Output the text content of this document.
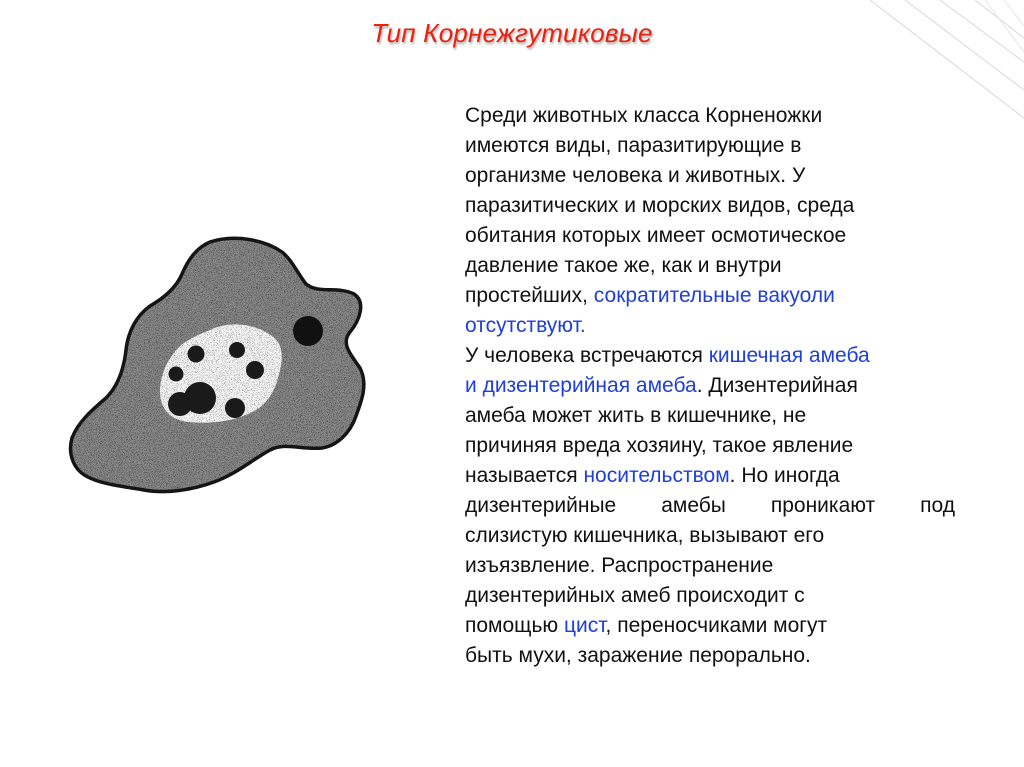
Тип Корнежгутиковые
Среди животных класса Корненожки
имеются виды, паразитирующие в
организме человека и животных. У
паразитических и морских видов, среда
обитания которых имеет осмотическое
давление такое же, как и внутри
простейших, сократительные вакуоли
отсутствуют.
У человека встречаются кишечная амеба
и дизентерийная амеба. Дизентерийная
амеба может жить в кишечнике, не
причиняя вреда хозяину, такое явление
называется носительством. Но иногда
дизентерийные амебы проникают под
слизистую кишечника, вызывают его
изъязвление. Распространение
дизентерийных амеб происходит с
помощью цист, переносчиками могут
быть мухи, заражение перорально.
